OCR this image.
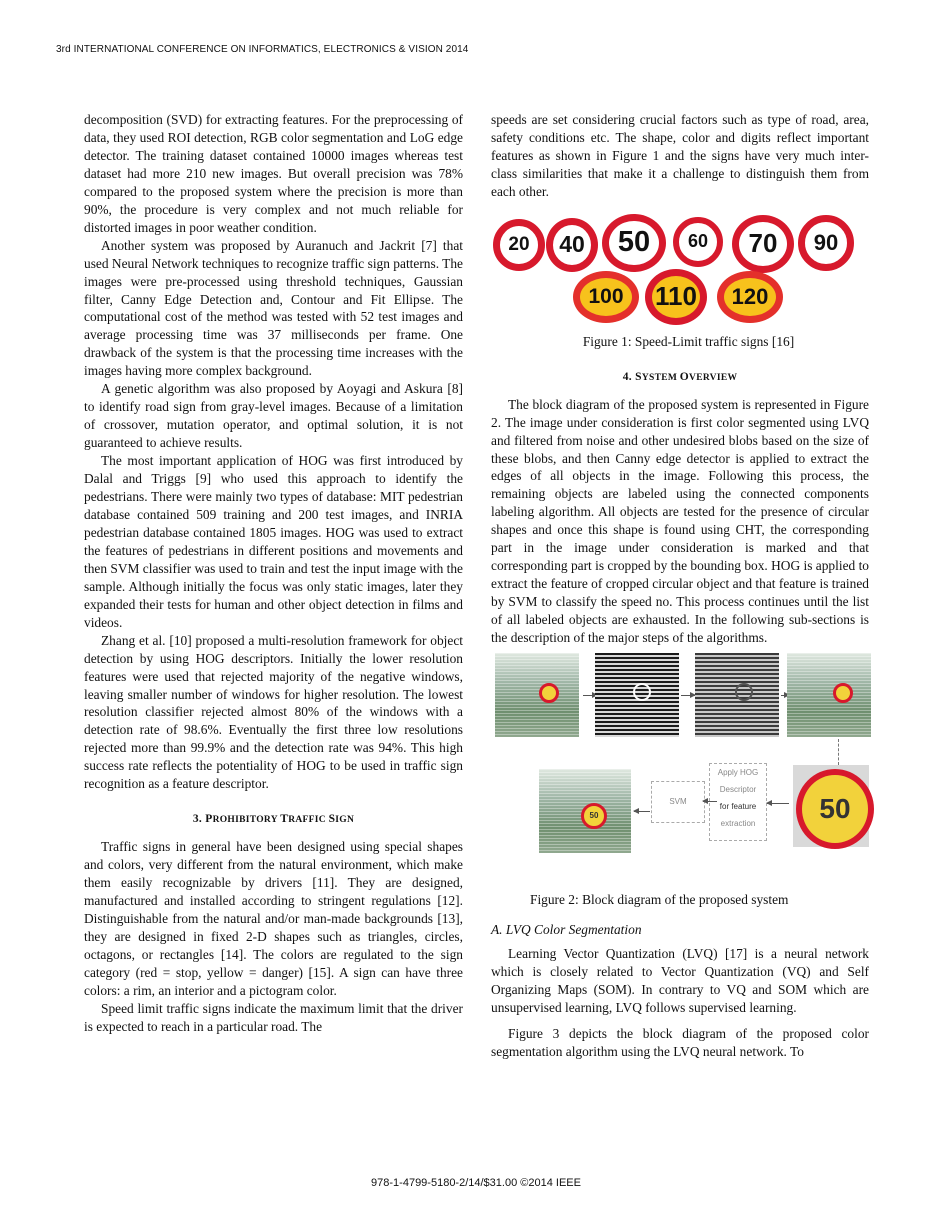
3rd INTERNATIONAL CONFERENCE ON INFORMATICS, ELECTRONICS & VISION 2014

decomposition (SVD) for extracting features. For the preprocessing of data, they used ROI detection, RGB color segmentation and LoG edge detector. The training dataset contained 10000 images whereas test dataset had more 210 new images. But overall precision was 78% compared to the proposed system where the precision is more than 90%, the procedure is very complex and not much reliable for distorted images in poor weather condition.

Another system was proposed by Auranuch and Jackrit [7] that used Neural Network techniques to recognize traffic sign patterns. The images were pre-processed using threshold techniques, Gaussian filter, Canny Edge Detection and, Contour and Fit Ellipse. The computational cost of the method was tested with 52 test images and average processing time was 37 milliseconds per frame. One drawback of the system is that the processing time increases with the images having more complex background.

A genetic algorithm was also proposed by Aoyagi and Askura [8] to identify road sign from gray-level images. Because of a limitation of crossover, mutation operator, and optimal solution, it is not guaranteed to achieve results.

The most important application of HOG was first introduced by Dalal and Triggs [9] who used this approach to identify the pedestrians. There were mainly two types of database: MIT pedestrian database contained 509 training and 200 test images, and INRIA pedestrian database contained 1805 images. HOG was used to extract the features of pedestrians in different positions and movements and then SVM classifier was used to train and test the input image with the sample. Although initially the focus was only static images, later they expanded their tests for human and other object detection in films and videos.

Zhang et al. [10] proposed a multi-resolution framework for object detection by using HOG descriptors. Initially the lower resolution features were used that rejected majority of the negative windows, leaving smaller number of windows for higher resolution. The lowest resolution classifier rejected almost 80% of the windows with a detection rate of 98.6%. Eventually the first three low resolutions rejected more than 99.9% and the detection rate was 94%. This high success rate reflects the potentiality of HOG to be used in traffic sign recognition as a feature descriptor.

3. PROHIBITORY TRAFFIC SIGN

Traffic signs in general have been designed using special shapes and colors, very different from the natural environment, which make them easily recognizable by drivers [11]. They are designed, manufactured and installed according to stringent regulations [12]. Distinguishable from the natural and/or man-made backgrounds [13], they are designed in fixed 2-D shapes such as triangles, circles, octagons, or rectangles [14]. The colors are regulated to the sign category (red = stop, yellow = danger) [15]. A sign can have three colors: a rim, an interior and a pictogram color.

Speed limit traffic signs indicate the maximum limit that the driver is expected to reach in a particular road. The

speeds are set considering crucial factors such as type of road, area, safety conditions etc. The shape, color and digits reflect important features as shown in Figure 1 and the signs have very much inter- class similarities that make it a challenge to distinguish them from each other.

20	40	50	60	70	90
100	110	120

Figure 1: Speed-Limit traffic signs [16]

4. SYSTEM OVERVIEW

The block diagram of the proposed system is represented in Figure 2. The image under consideration is first color segmented using LVQ and filtered from noise and other undesired blobs based on the size of these blobs, and then Canny edge detector is applied to extract the edges of all objects in the image. Following this process, the remaining objects are labeled using the connected components labeling algorithm. All objects are tested for the presence of circular shapes and once this shape is found using CHT, the corresponding part in the image under consideration is marked and that corresponding part is cropped by the bounding box. HOG is applied to extract the feature of cropped circular object and that feature is trained by SVM to classify the speed no. This process continues until the list of all labeled objects are exhausted. In the following sub-sections is the description of the major steps of the algorithms.

50
SVM
Apply HOG
Descriptor
for feature
extraction	50

Figure 2: Block diagram of the proposed system

A. LVQ Color Segmentation

Learning Vector Quantization (LVQ) [17] is a neural network which is closely related to Vector Quantization (VQ) and Self Organizing Maps (SOM). In contrary to VQ and SOM which are unsupervised learning, LVQ follows supervised learning.

Figure 3 depicts the block diagram of the proposed color segmentation algorithm using the LVQ neural network. To

978-1-4799-5180-2/14/$31.00 ©2014 IEEE
